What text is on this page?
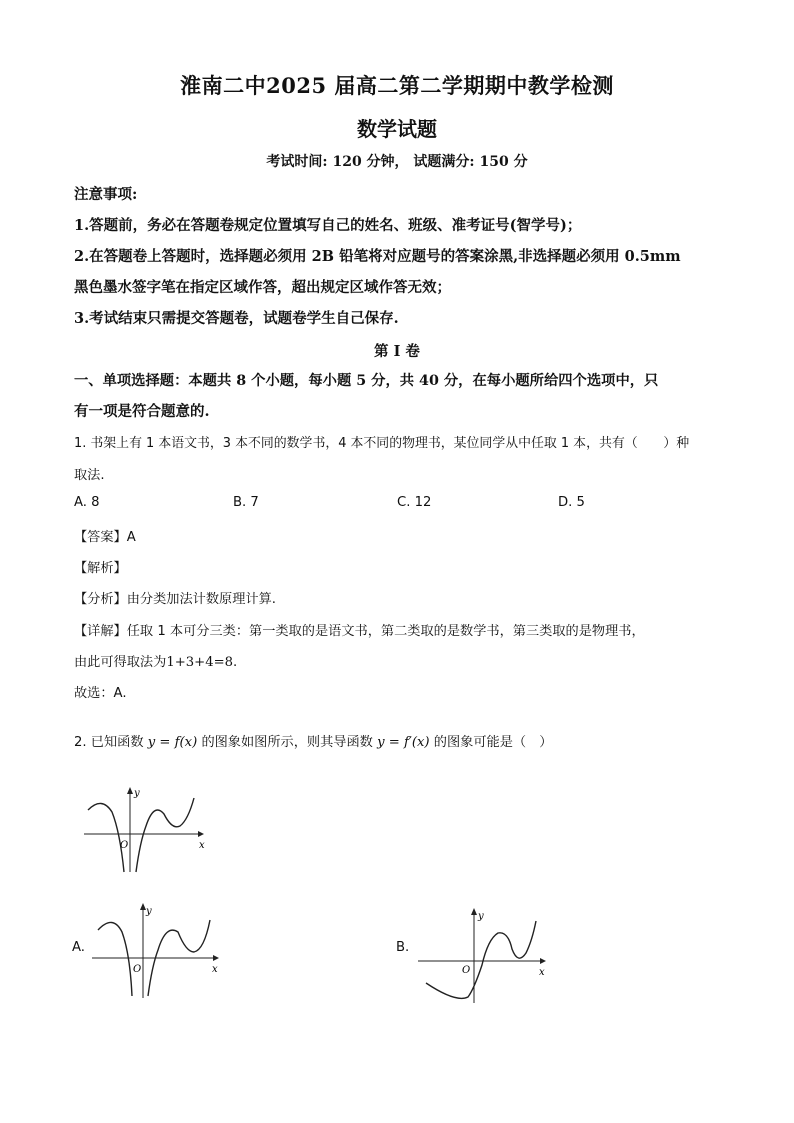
淮南二中2025 届高二第二学期期中教学检测
数学试题
考试时间: 120 分钟， 试题满分: 150 分
注意事项:
1.答题前，务必在答题卷规定位置填写自己的姓名、班级、准考证号(智学号)；
2.在答题卷上答题时，选择题必须用 2B 铅笔将对应题号的答案涂黑,非选择题必须用 0.5mm
黑色墨水签字笔在指定区域作答，超出规定区域作答无效；
3.考试结束只需提交答题卷，试题卷学生自己保存.
第 I 卷
一、单项选择题：本题共 8 个小题，每小题 5 分，共 40 分，在每小题所给四个选项中，只
有一项是符合题意的.
1. 书架上有 1 本语文书，3 本不同的数学书，4 本不同的物理书，某位同学从中任取 1 本，共有（　　）种
取法.
A. 8	B. 7	C. 12	D. 5
【答案】A
【解析】
【分析】由分类加法计数原理计算.
【详解】任取 1 本可分三类：第一类取的是语文书，第二类取的是数学书，第三类取的是物理书，
由此可得取法为1+3+4=8.
故选：A.
2. 已知函数 y = f(x) 的图象如图所示，则其导函数 y = f′(x) 的图象可能是（　）
y
x
O
A.
y
x
O
B.
y
x
O
